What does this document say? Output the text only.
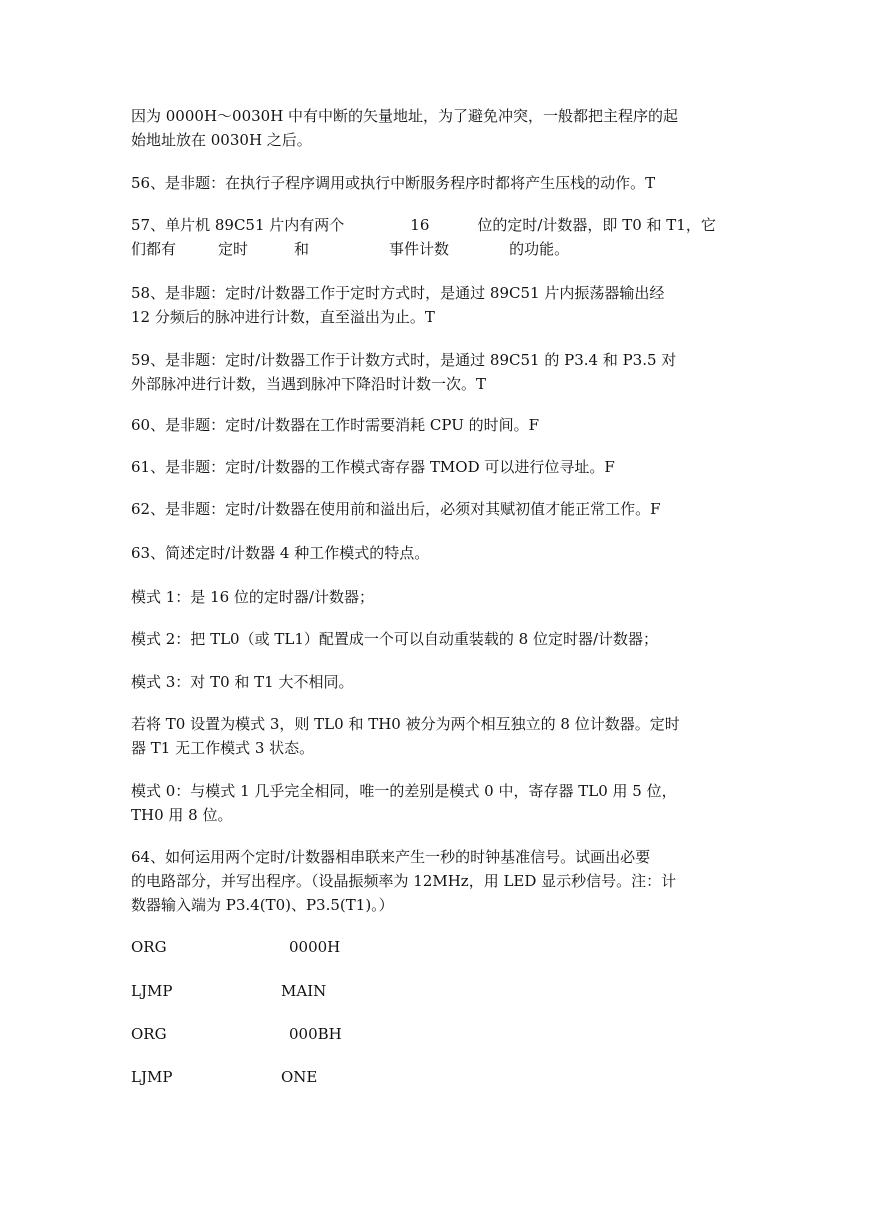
因为 0000H～0030H 中有中断的矢量地址，为了避免冲突，一般都把主程序的起
始地址放在 0030H 之后。
56、是非题：在执行子程序调用或执行中断服务程序时都将产生压栈的动作。T
57、单片机 89C51 片内有两个	16	位的定时/计数器，即 T0 和 T1，它
们都有	定时	和	事件计数	的功能。
58、是非题：定时/计数器工作于定时方式时，是通过 89C51 片内振荡器输出经
12 分频后的脉冲进行计数，直至溢出为止。T
59、是非题：定时/计数器工作于计数方式时，是通过 89C51 的 P3.4 和 P3.5 对
外部脉冲进行计数，当遇到脉冲下降沿时计数一次。T
60、是非题：定时/计数器在工作时需要消耗 CPU 的时间。F
61、是非题：定时/计数器的工作模式寄存器 TMOD 可以进行位寻址。F
62、是非题：定时/计数器在使用前和溢出后，必须对其赋初值才能正常工作。F
63、简述定时/计数器 4 种工作模式的特点。
模式 1：是 16 位的定时器/计数器；
模式 2：把 TL0（或 TL1）配置成一个可以自动重装载的 8 位定时器/计数器；
模式 3：对 T0 和 T1 大不相同。
若将 T0 设置为模式 3，则 TL0 和 TH0 被分为两个相互独立的 8 位计数器。定时
器 T1 无工作模式 3 状态。
模式 0：与模式 1 几乎完全相同，唯一的差别是模式 0 中，寄存器 TL0 用 5 位，
TH0 用 8 位。
64、如何运用两个定时/计数器相串联来产生一秒的时钟基准信号。试画出必要
的电路部分，并写出程序。（设晶振频率为 12MHz，用 LED 显示秒信号。注：计
数器输入端为 P3.4(T0)、P3.5(T1)。）
ORG	0000H
LJMP	MAIN
ORG	000BH
LJMP	ONE
